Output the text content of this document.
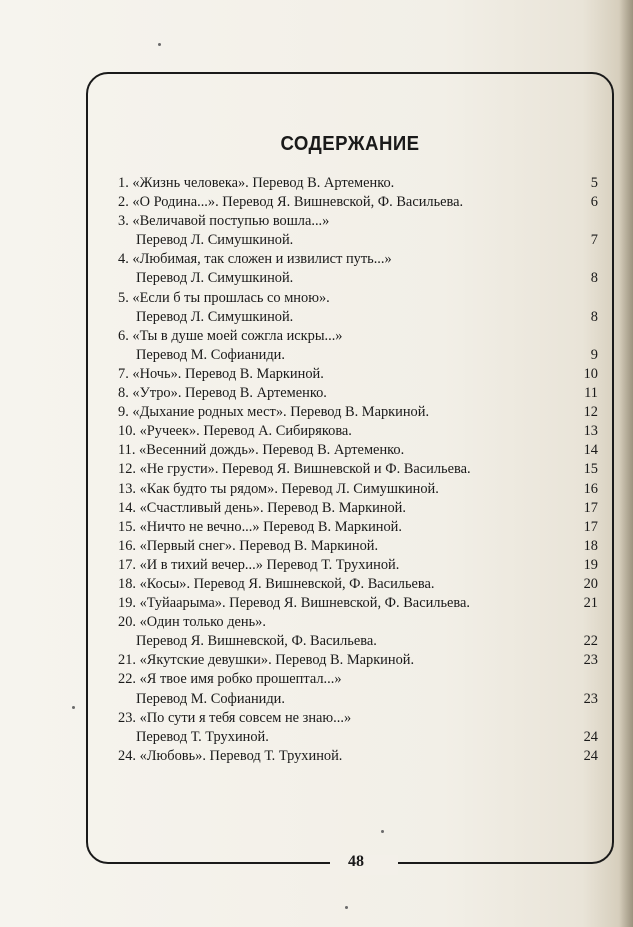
СОДЕРЖАНИЕ
1. «Жизнь человека». Перевод В. Артеменко.	5
2. «О Родина...». Перевод Я. Вишневской, Ф. Васильева.	6
3. «Величавой поступью вошла...»
Перевод Л. Симушкиной.	7
4. «Любимая, так сложен и извилист путь...»
Перевод Л. Симушкиной.	8
5. «Если б ты прошлась со мною».
Перевод Л. Симушкиной.	8
6. «Ты в душе моей сожгла искры...»
Перевод М. Софианиди.	9
7. «Ночь». Перевод В. Маркиной.	10
8. «Утро». Перевод В. Артеменко.	11
9. «Дыхание родных мест». Перевод В. Маркиной.	12
10. «Ручеек». Перевод А. Сибирякова.	13
11. «Весенний дождь». Перевод В. Артеменко.	14
12. «Не грусти». Перевод Я. Вишневской и Ф. Васильева.	15
13. «Как будто ты рядом». Перевод Л. Симушкиной.	16
14. «Счастливый день». Перевод В. Маркиной.	17
15. «Ничто не вечно...» Перевод В. Маркиной.	17
16. «Первый снег». Перевод В. Маркиной.	18
17. «И в тихий вечер...» Перевод Т. Трухиной.	19
18. «Косы». Перевод Я. Вишневской, Ф. Васильева.	20
19. «Туйаарыма». Перевод Я. Вишневской, Ф. Васильева.	21
20. «Один только день».
Перевод Я. Вишневской, Ф. Васильева.	22
21. «Якутские девушки». Перевод В. Маркиной.	23
22. «Я твое имя робко прошептал...»
Перевод М. Софианиди.	23
23. «По сути я тебя совсем не знаю...»
Перевод Т. Трухиной.	24
24. «Любовь». Перевод Т. Трухиной.	24
48
